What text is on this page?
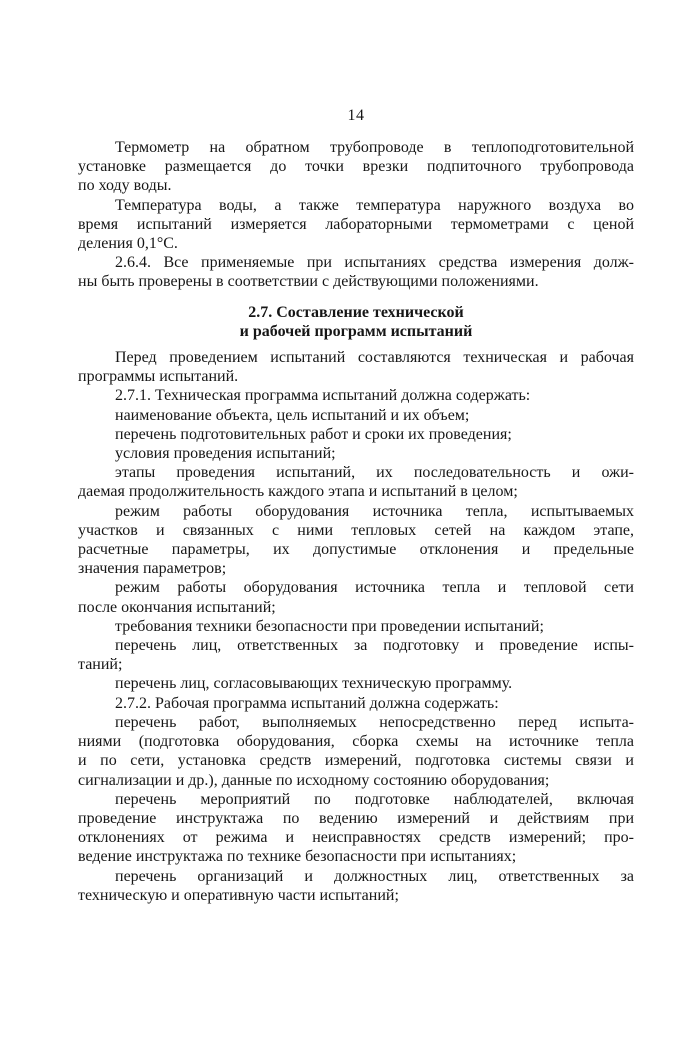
14
Термометр на обратном трубопроводе в теплоподготовительной
установке размещается до точки врезки подпиточного трубопровода
по ходу воды.
Температура воды, а также температура наружного воздуха во
время испытаний измеряется лабораторными термометрами с ценой
деления 0,1°С.
2.6.4. Все применяемые при испытаниях средства измерения долж-
ны быть проверены в соответствии с действующими положениями.
2.7. Составление технической
и рабочей программ испытаний
Перед проведением испытаний составляются техническая и рабочая
программы испытаний.
2.7.1. Техническая программа испытаний должна содержать:
наименование объекта, цель испытаний и их объем;
перечень подготовительных работ и сроки их проведения;
условия проведения испытаний;
этапы проведения испытаний, их последовательность и ожи-
даемая продолжительность каждого этапа и испытаний в целом;
режим работы оборудования источника тепла, испытываемых
участков и связанных с ними тепловых сетей на каждом этапе,
расчетные параметры, их допустимые отклонения и предельные
значения параметров;
режим работы оборудования источника тепла и тепловой сети
после окончания испытаний;
требования техники безопасности при проведении испытаний;
перечень лиц, ответственных за подготовку и проведение испы-
таний;
перечень лиц, согласовывающих техническую программу.
2.7.2. Рабочая программа испытаний должна содержать:
перечень работ, выполняемых непосредственно перед испыта-
ниями (подготовка оборудования, сборка схемы на источнике тепла
и по сети, установка средств измерений, подготовка системы связи и
сигнализации и др.), данные по исходному состоянию оборудования;
перечень мероприятий по подготовке наблюдателей, включая
проведение инструктажа по ведению измерений и действиям при
отклонениях от режима и неисправностях средств измерений; про-
ведение инструктажа по технике безопасности при испытаниях;
перечень организаций и должностных лиц, ответственных за
техническую и оперативную части испытаний;
